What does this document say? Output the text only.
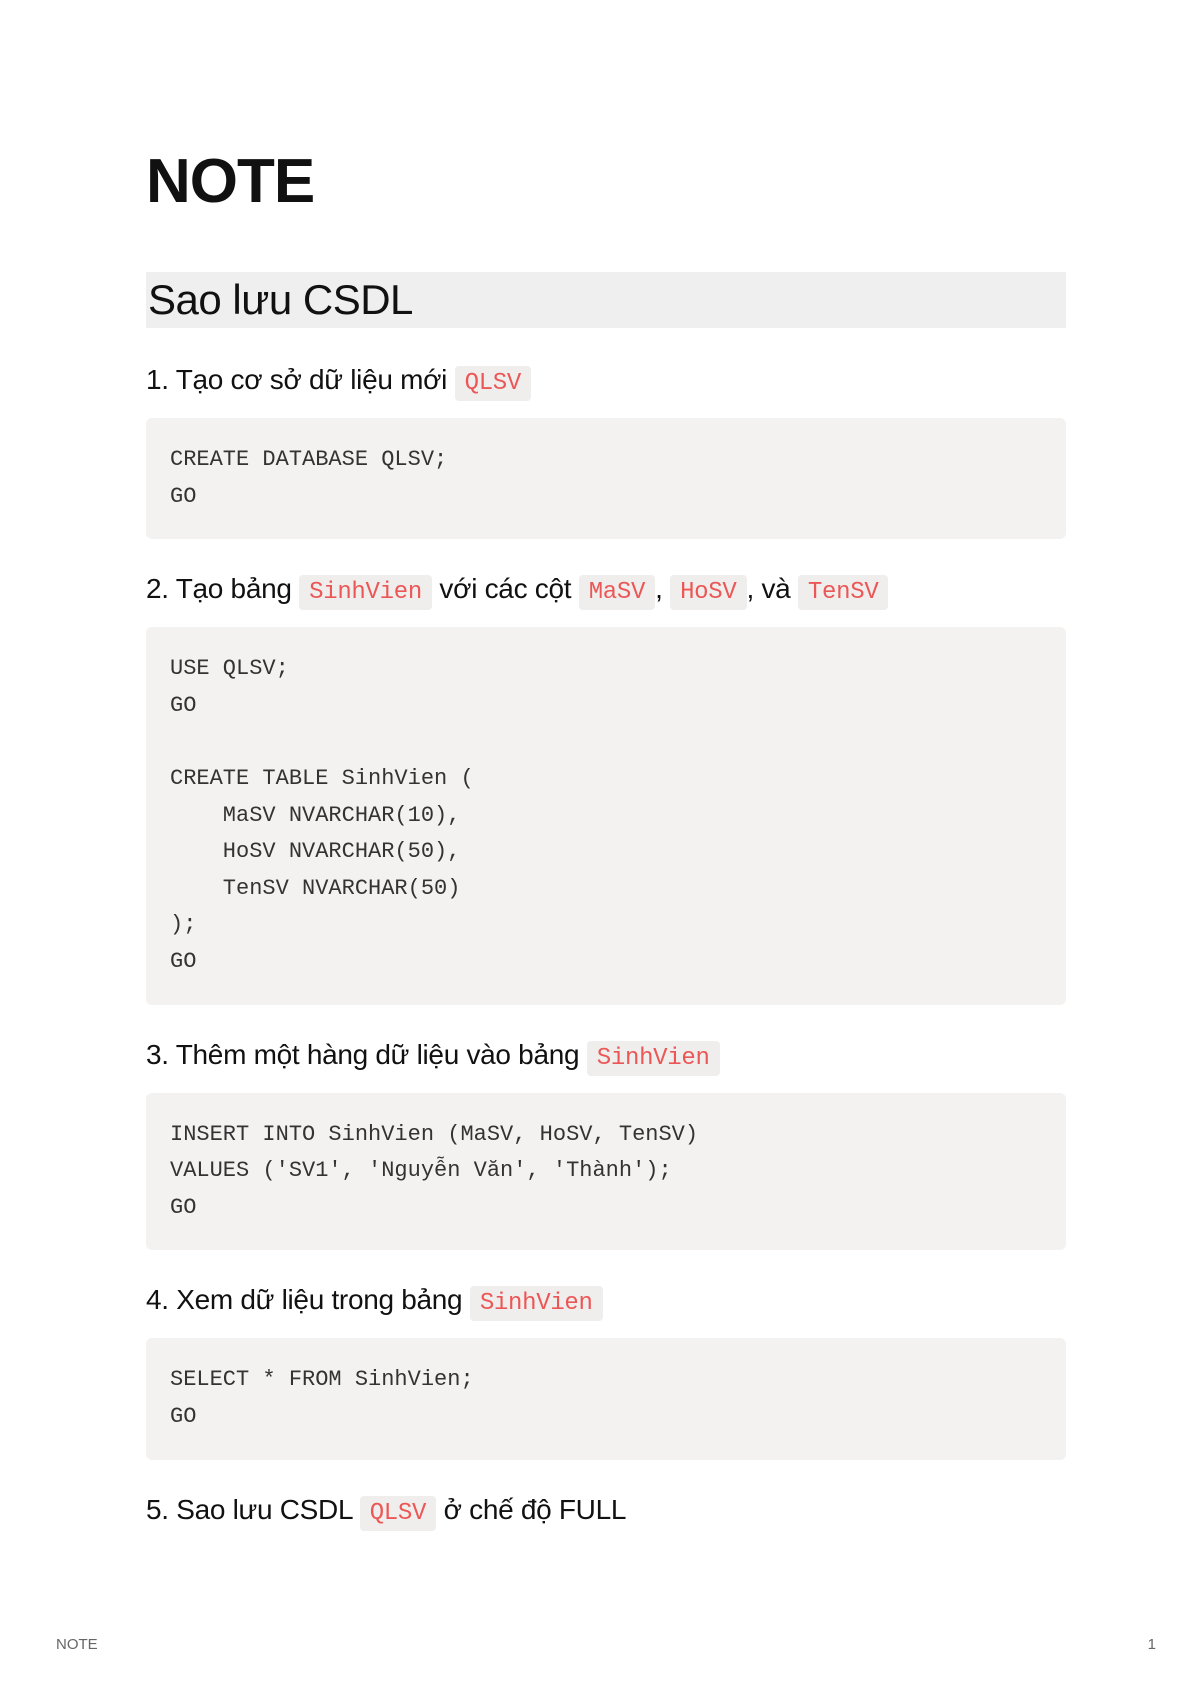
NOTE
Sao lưu CSDL
1. Tạo cơ sở dữ liệu mới QLSV
CREATE DATABASE QLSV;
GO
2. Tạo bảng SinhVien với các cột MaSV , HoSV , và TenSV
USE QLSV;
GO

CREATE TABLE SinhVien (
MaSV NVARCHAR(10),
HoSV NVARCHAR(50),
TenSV NVARCHAR(50)
);
GO
3. Thêm một hàng dữ liệu vào bảng SinhVien
INSERT INTO SinhVien (MaSV, HoSV, TenSV)
VALUES ('SV1', 'Nguyễn Văn', 'Thành');
GO
4. Xem dữ liệu trong bảng SinhVien
SELECT * FROM SinhVien;
GO
5. Sao lưu CSDL QLSV ở chế độ FULL
NOTE	1
